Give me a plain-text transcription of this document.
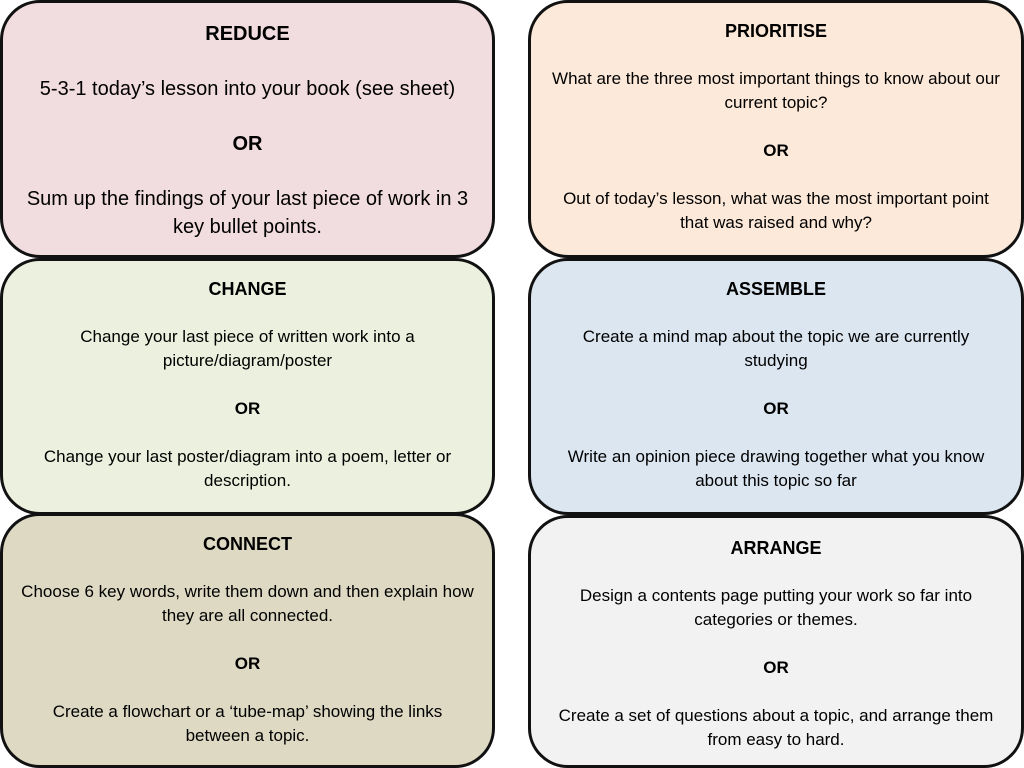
REDUCE

5-3-1 today’s lesson into your book (see sheet)

OR

Sum up the findings of your last piece of work in 3 key bullet points.

PRIORITISE

What are the three most important things to know about our current topic?

OR

Out of today’s lesson, what was the most important point that was raised and why?

CHANGE

Change your last piece of written work into a picture/diagram/poster

OR

Change your last poster/diagram into a poem, letter or description.

ASSEMBLE

Create a mind map about the topic we are currently studying

OR

Write an opinion piece drawing together what you know about this topic so far

CONNECT

Choose 6 key words, write them down and then explain how they are all connected.

OR

Create a flowchart or a ‘tube-map’ showing the links between a topic.

ARRANGE

Design a contents page putting your work so far into categories or themes.

OR

Create a set of questions about a topic, and arrange them from easy to hard.
